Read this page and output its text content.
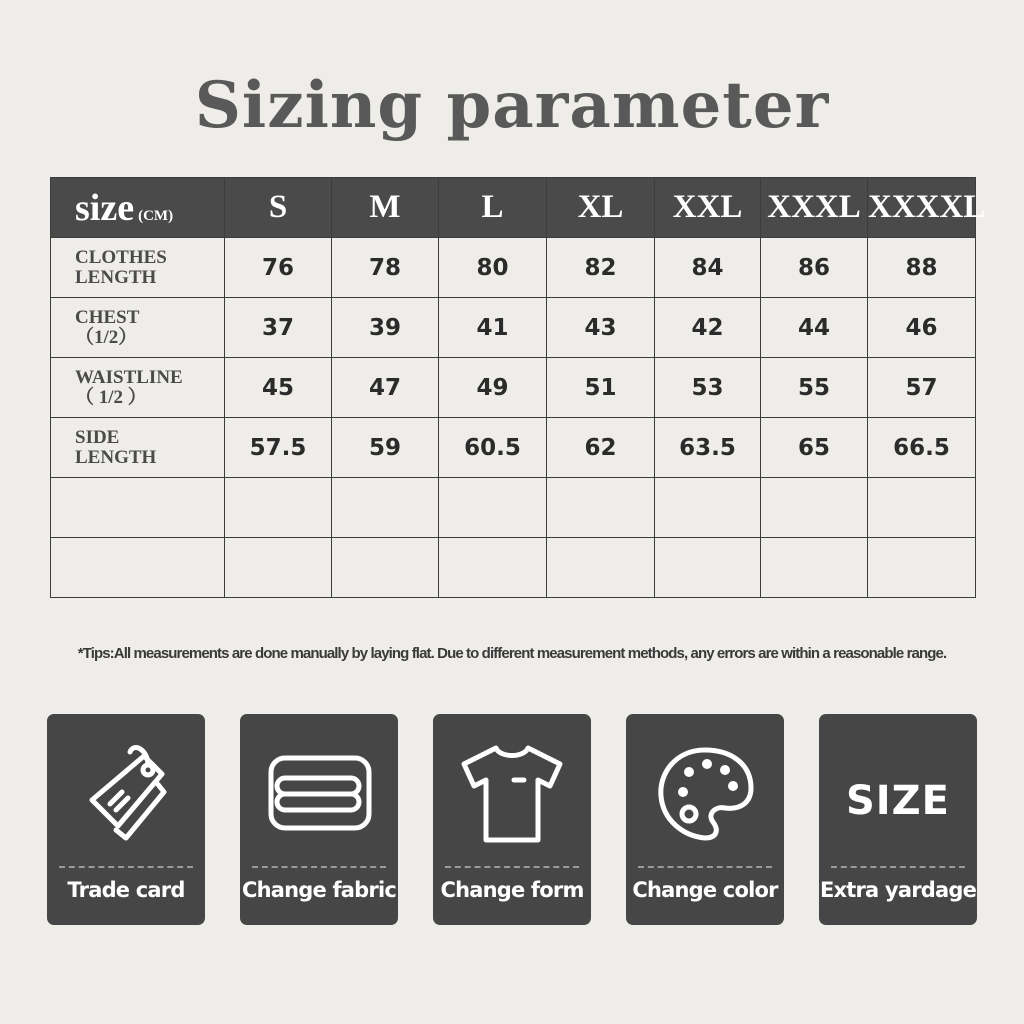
Sizing parameter
size (CM)	S	M	L	XL	XXL	XXXL	XXXXL

CLOTHES
LENGTH	76	78	80	82	84	86	88

CHEST
（1/2）	37	39	41	43	42	44	46

WAISTLINE
（ 1/2 ）	45	47	49	51	53	55	57

SIDE
LENGTH	57.5	59	60.5	62	63.5	65	66.5

*Tips:All measurements are done manually by laying flat. Due to different measurement methods, any errors are within a reasonable range.
Trade card	Change fabric	Change form	Change color
SIZE
Extra yardage
